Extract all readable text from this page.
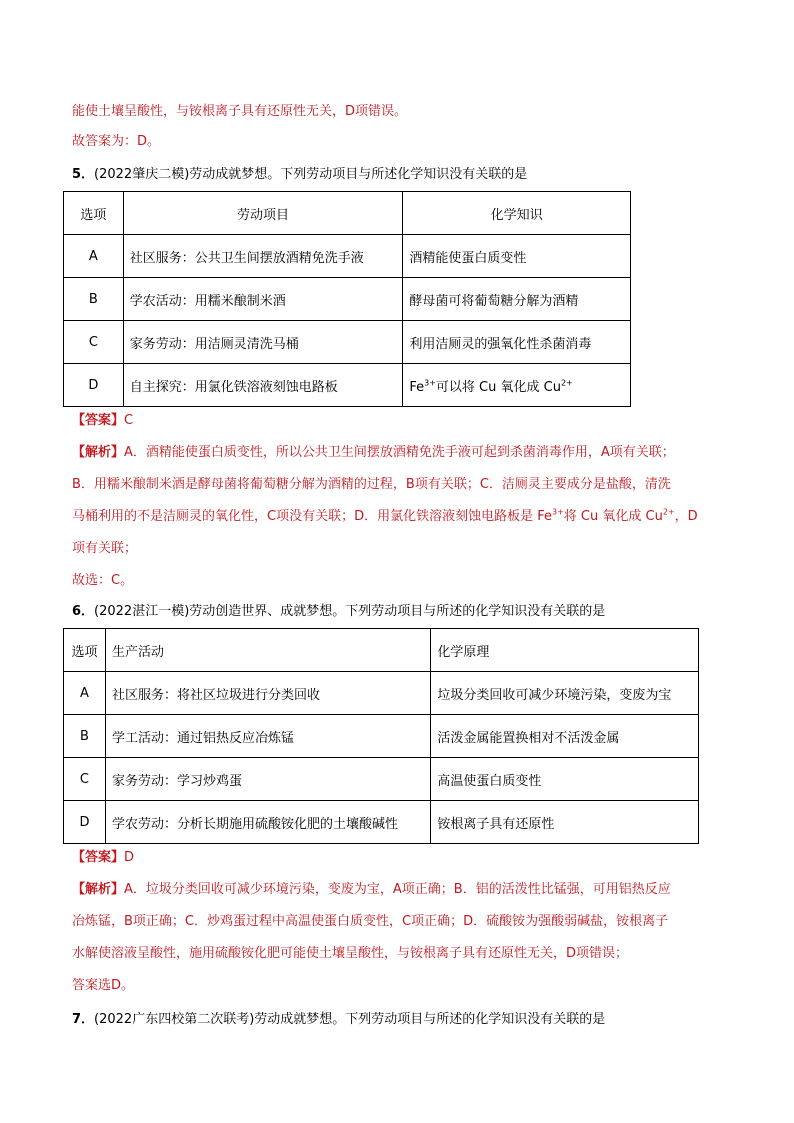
能使土壤呈酸性，与铵根离子具有还原性无关，D项错误。
故答案为：D。
5．(2022肇庆二模)劳动成就梦想。下列劳动项目与所述化学知识没有关联的是
选项	劳动项目	化学知识
A	社区服务：公共卫生间摆放酒精免洗手液	酒精能使蛋白质变性
B	学农活动：用糯米酿制米酒	酵母菌可将葡萄糖分解为酒精
C	家务劳动：用洁厕灵清洗马桶	利用洁厕灵的强氧化性杀菌消毒
D	自主探究：用氯化铁溶液刻蚀电路板	$Fe^{3+}$可以将 Cu 氧化成 $Cu^{2+}$
【答案】C
【解析】A．酒精能使蛋白质变性，所以公共卫生间摆放酒精免洗手液可起到杀菌消毒作用，A项有关联；
B．用糯米酿制米酒是酵母菌将葡萄糖分解为酒精的过程，B项有关联；C．洁厕灵主要成分是盐酸，清洗
马桶利用的不是洁厕灵的氧化性，C项没有关联；D．用氯化铁溶液刻蚀电路板是 $Fe^{3+}$将 Cu 氧化成 $Cu^{2+}$，D
项有关联；
故选：C。
6．(2022湛江一模)劳动创造世界、成就梦想。下列劳动项目与所述的化学知识没有关联的是
选项	生产活动	化学原理
A	社区服务：将社区垃圾进行分类回收	垃圾分类回收可减少环境污染，变废为宝
B	学工活动：通过铝热反应冶炼锰	活泼金属能置换相对不活泼金属
C	家务劳动：学习炒鸡蛋	高温使蛋白质变性
D	学农劳动：分析长期施用硫酸铵化肥的土壤酸碱性	铵根离子具有还原性
【答案】D
【解析】A．垃圾分类回收可减少环境污染，变废为宝，A项正确；B．铝的活泼性比锰强，可用铝热反应
冶炼锰，B项正确；C．炒鸡蛋过程中高温使蛋白质变性，C项正确；D．硫酸铵为强酸弱碱盐，铵根离子
水解使溶液呈酸性，施用硫酸铵化肥可能使土壤呈酸性，与铵根离子具有还原性无关，D项错误；
答案选D。
7．(2022广东四校第二次联考)劳动成就梦想。下列劳动项目与所述的化学知识没有关联的是
